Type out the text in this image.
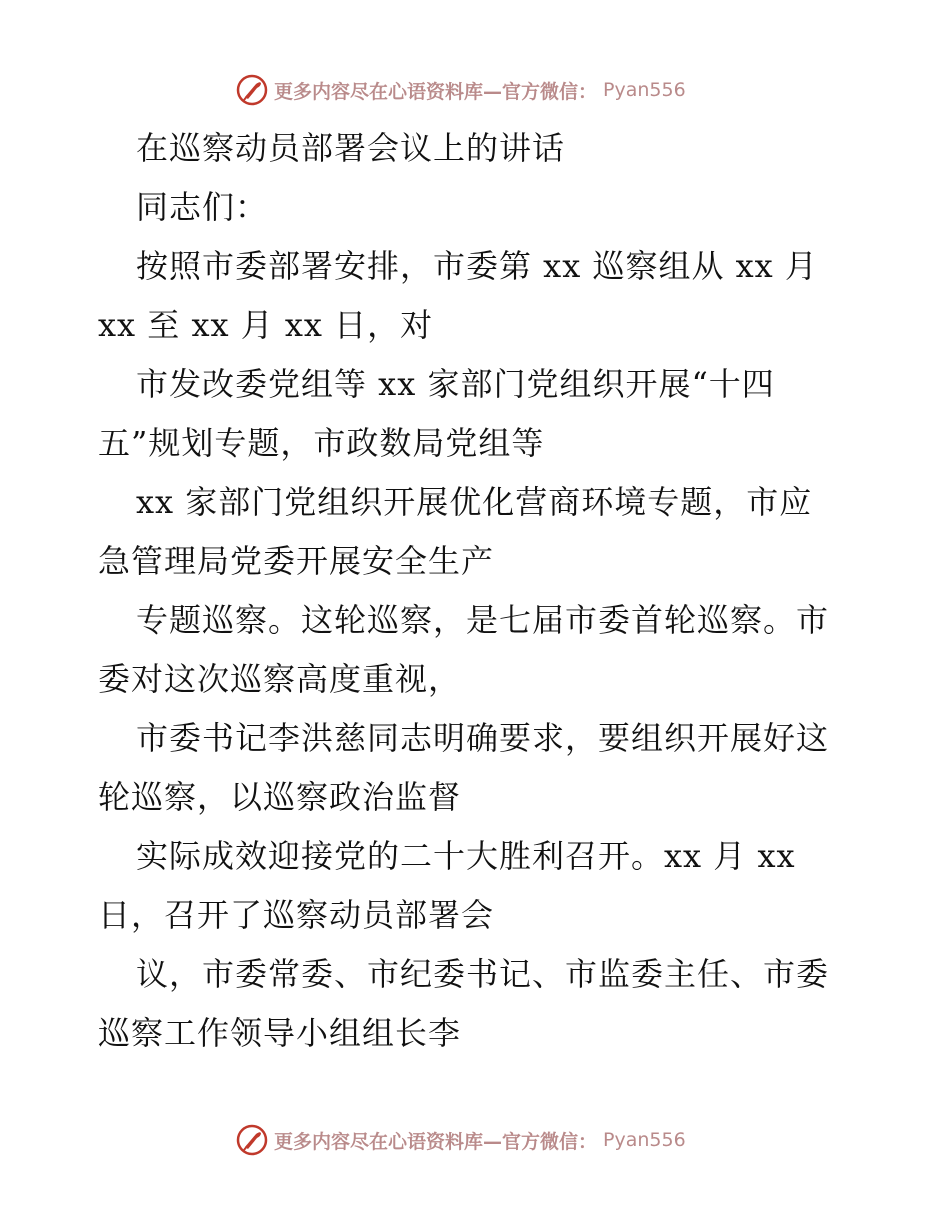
更多内容尽在心语资料库—官方微信： Pyan556
在巡察动员部署会议上的讲话
同志们：
按照市委部署安排，市委第 xx 巡察组从 xx 月
xx 至 xx 月 xx 日，对
市发改委党组等 xx 家部门党组织开展“十四
五”规划专题，市政数局党组等
xx 家部门党组织开展优化营商环境专题，市应
急管理局党委开展安全生产
专题巡察。这轮巡察，是七届市委首轮巡察。市
委对这次巡察高度重视，
市委书记李洪慈同志明确要求，要组织开展好这
轮巡察，以巡察政治监督
实际成效迎接党的二十大胜利召开。xx 月 xx
日，召开了巡察动员部署会
议，市委常委、市纪委书记、市监委主任、市委
巡察工作领导小组组长李
更多内容尽在心语资料库—官方微信： Pyan556
